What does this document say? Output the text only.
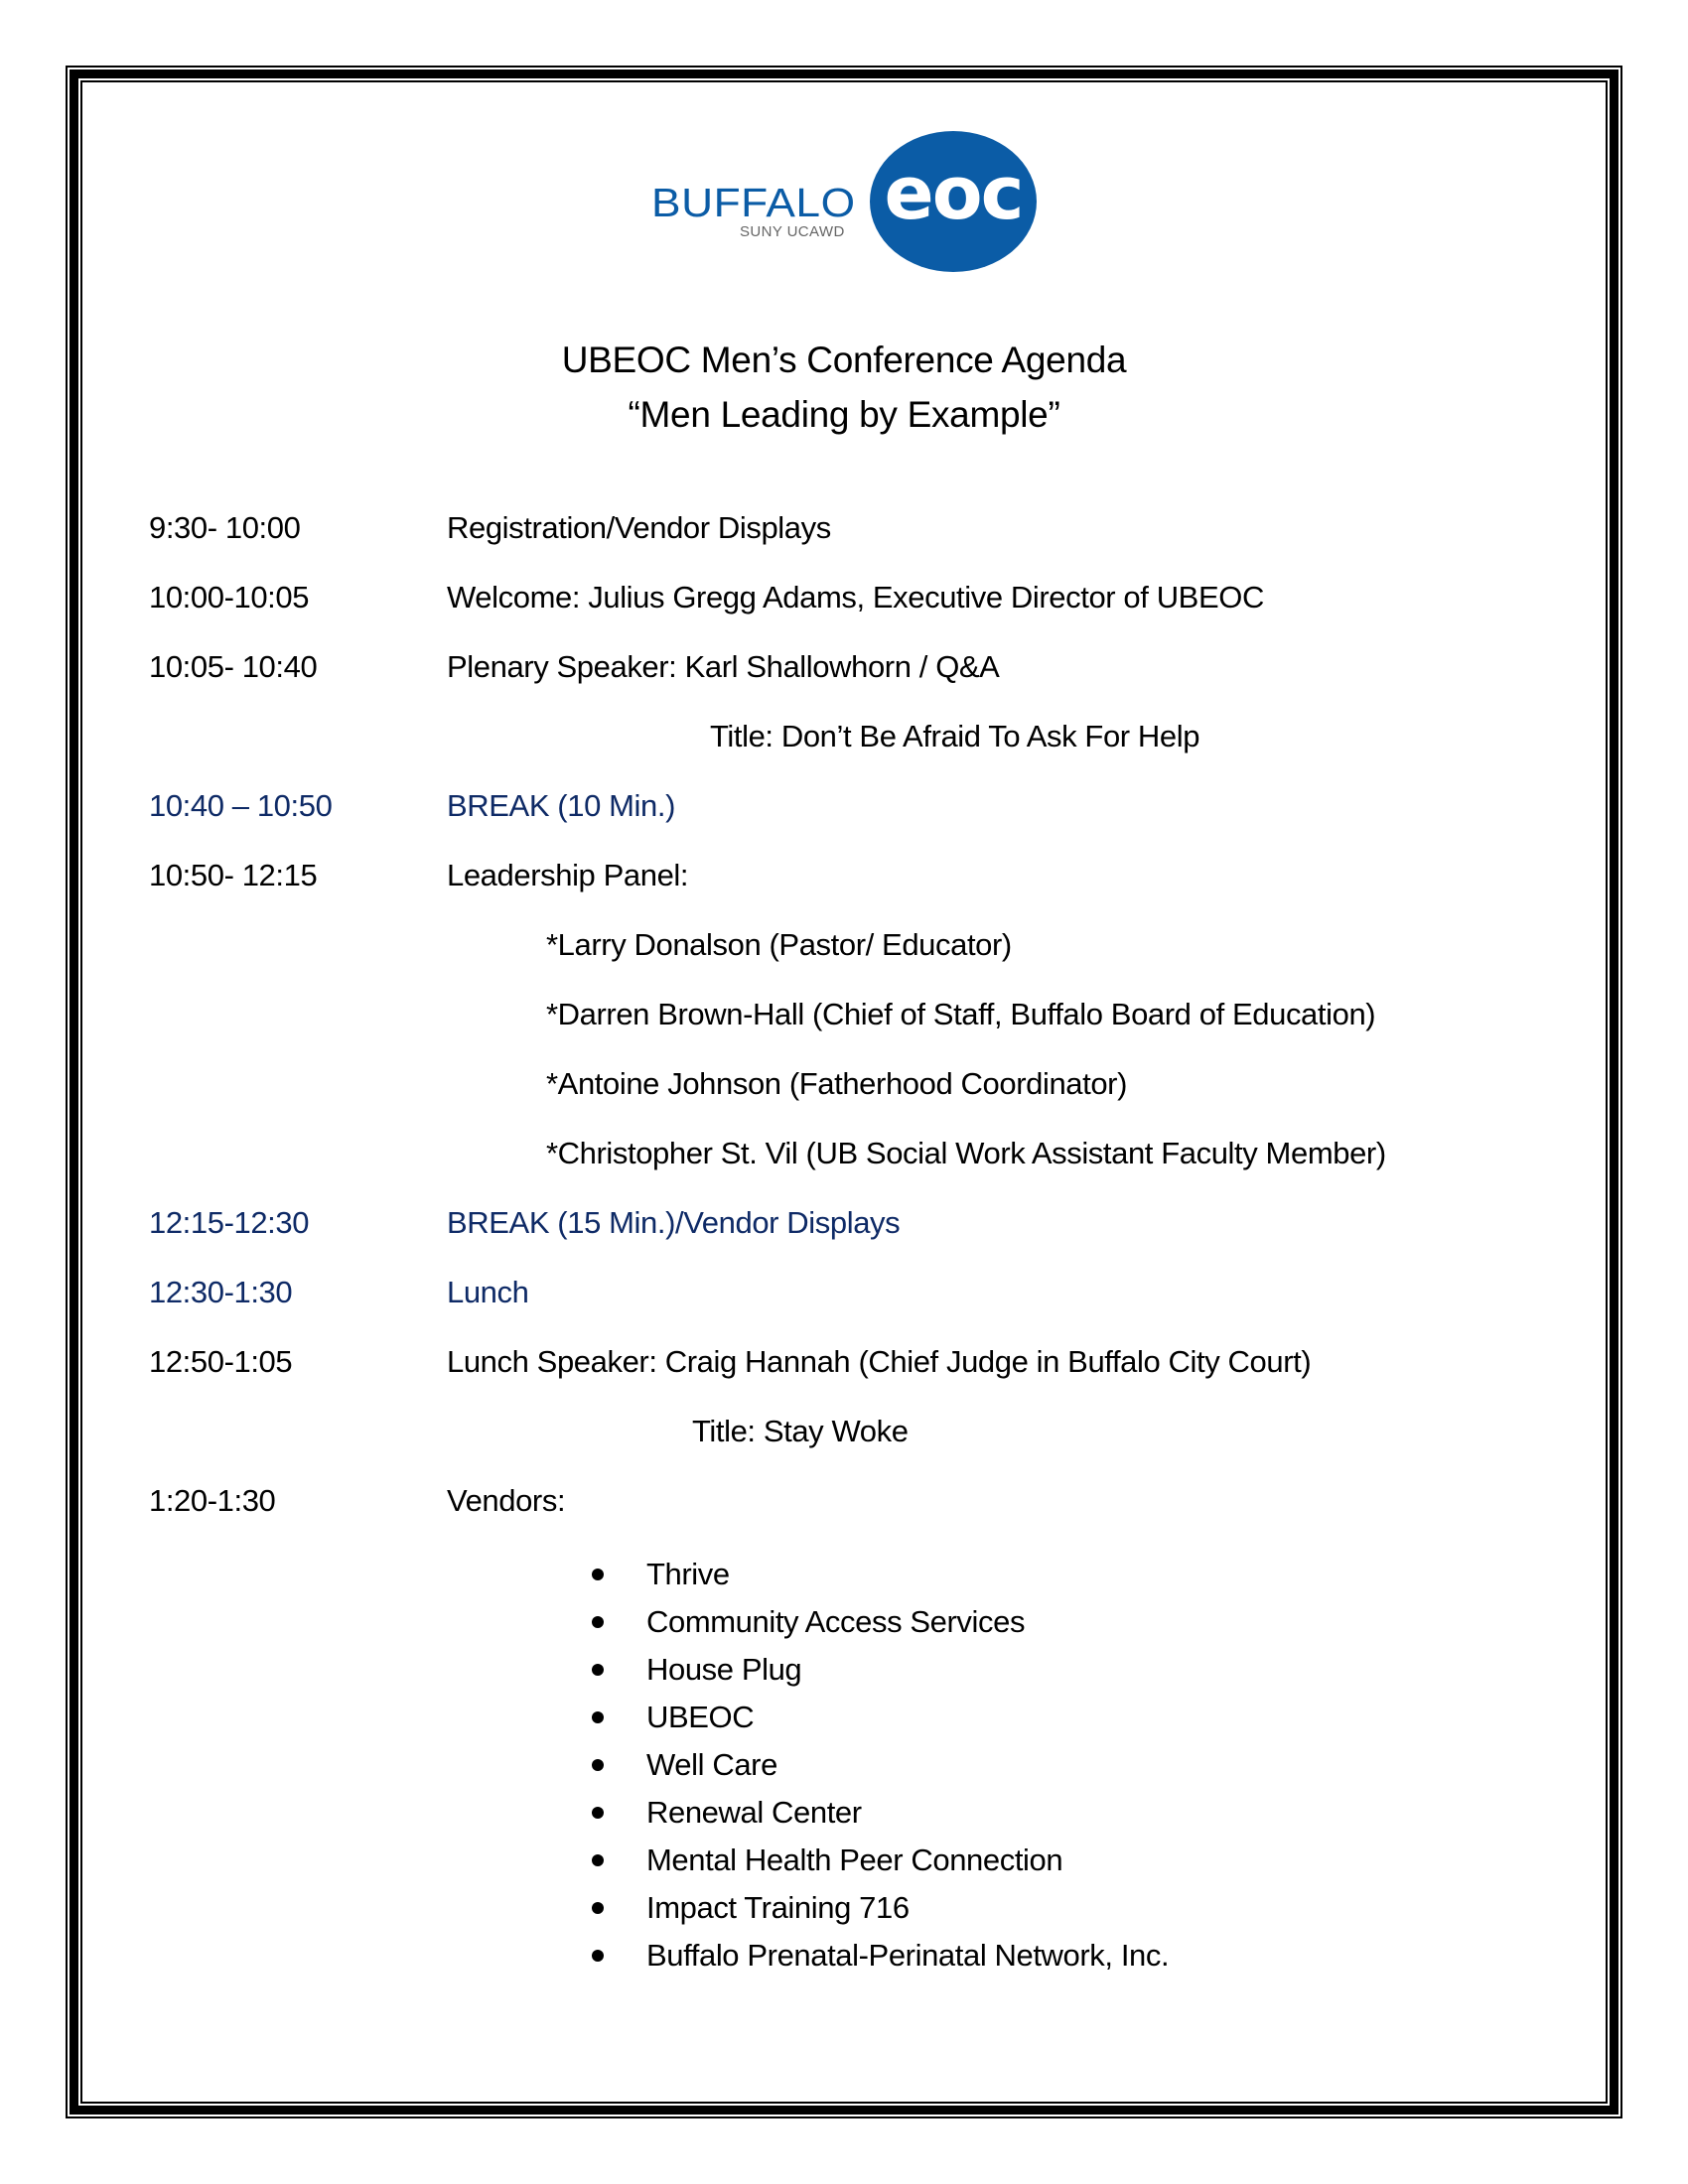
BUFFALO
SUNY UCAWD eoc
UBEOC Men’s Conference Agenda
“Men Leading by Example”
9:30- 10:00	Registration/Vendor Displays
10:00-10:05	Welcome: Julius Gregg Adams, Executive Director of UBEOC
10:05- 10:40	Plenary Speaker: Karl Shallowhorn / Q&A
Title: Don’t Be Afraid To Ask For Help
10:40 – 10:50	BREAK (10 Min.)
10:50- 12:15	Leadership Panel:
*Larry Donalson (Pastor/ Educator)
*Darren Brown-Hall (Chief of Staff, Buffalo Board of Education)
*Antoine Johnson (Fatherhood Coordinator)
*Christopher St. Vil (UB Social Work Assistant Faculty Member)
12:15-12:30	BREAK (15 Min.)/Vendor Displays
12:30-1:30	Lunch
12:50-1:05	Lunch Speaker: Craig Hannah (Chief Judge in Buffalo City Court)
Title: Stay Woke
1:20-1:30	Vendors:
Thrive
Community Access Services
House Plug
UBEOC
Well Care
Renewal Center
Mental Health Peer Connection
Impact Training 716
Buffalo Prenatal-Perinatal Network, Inc.
